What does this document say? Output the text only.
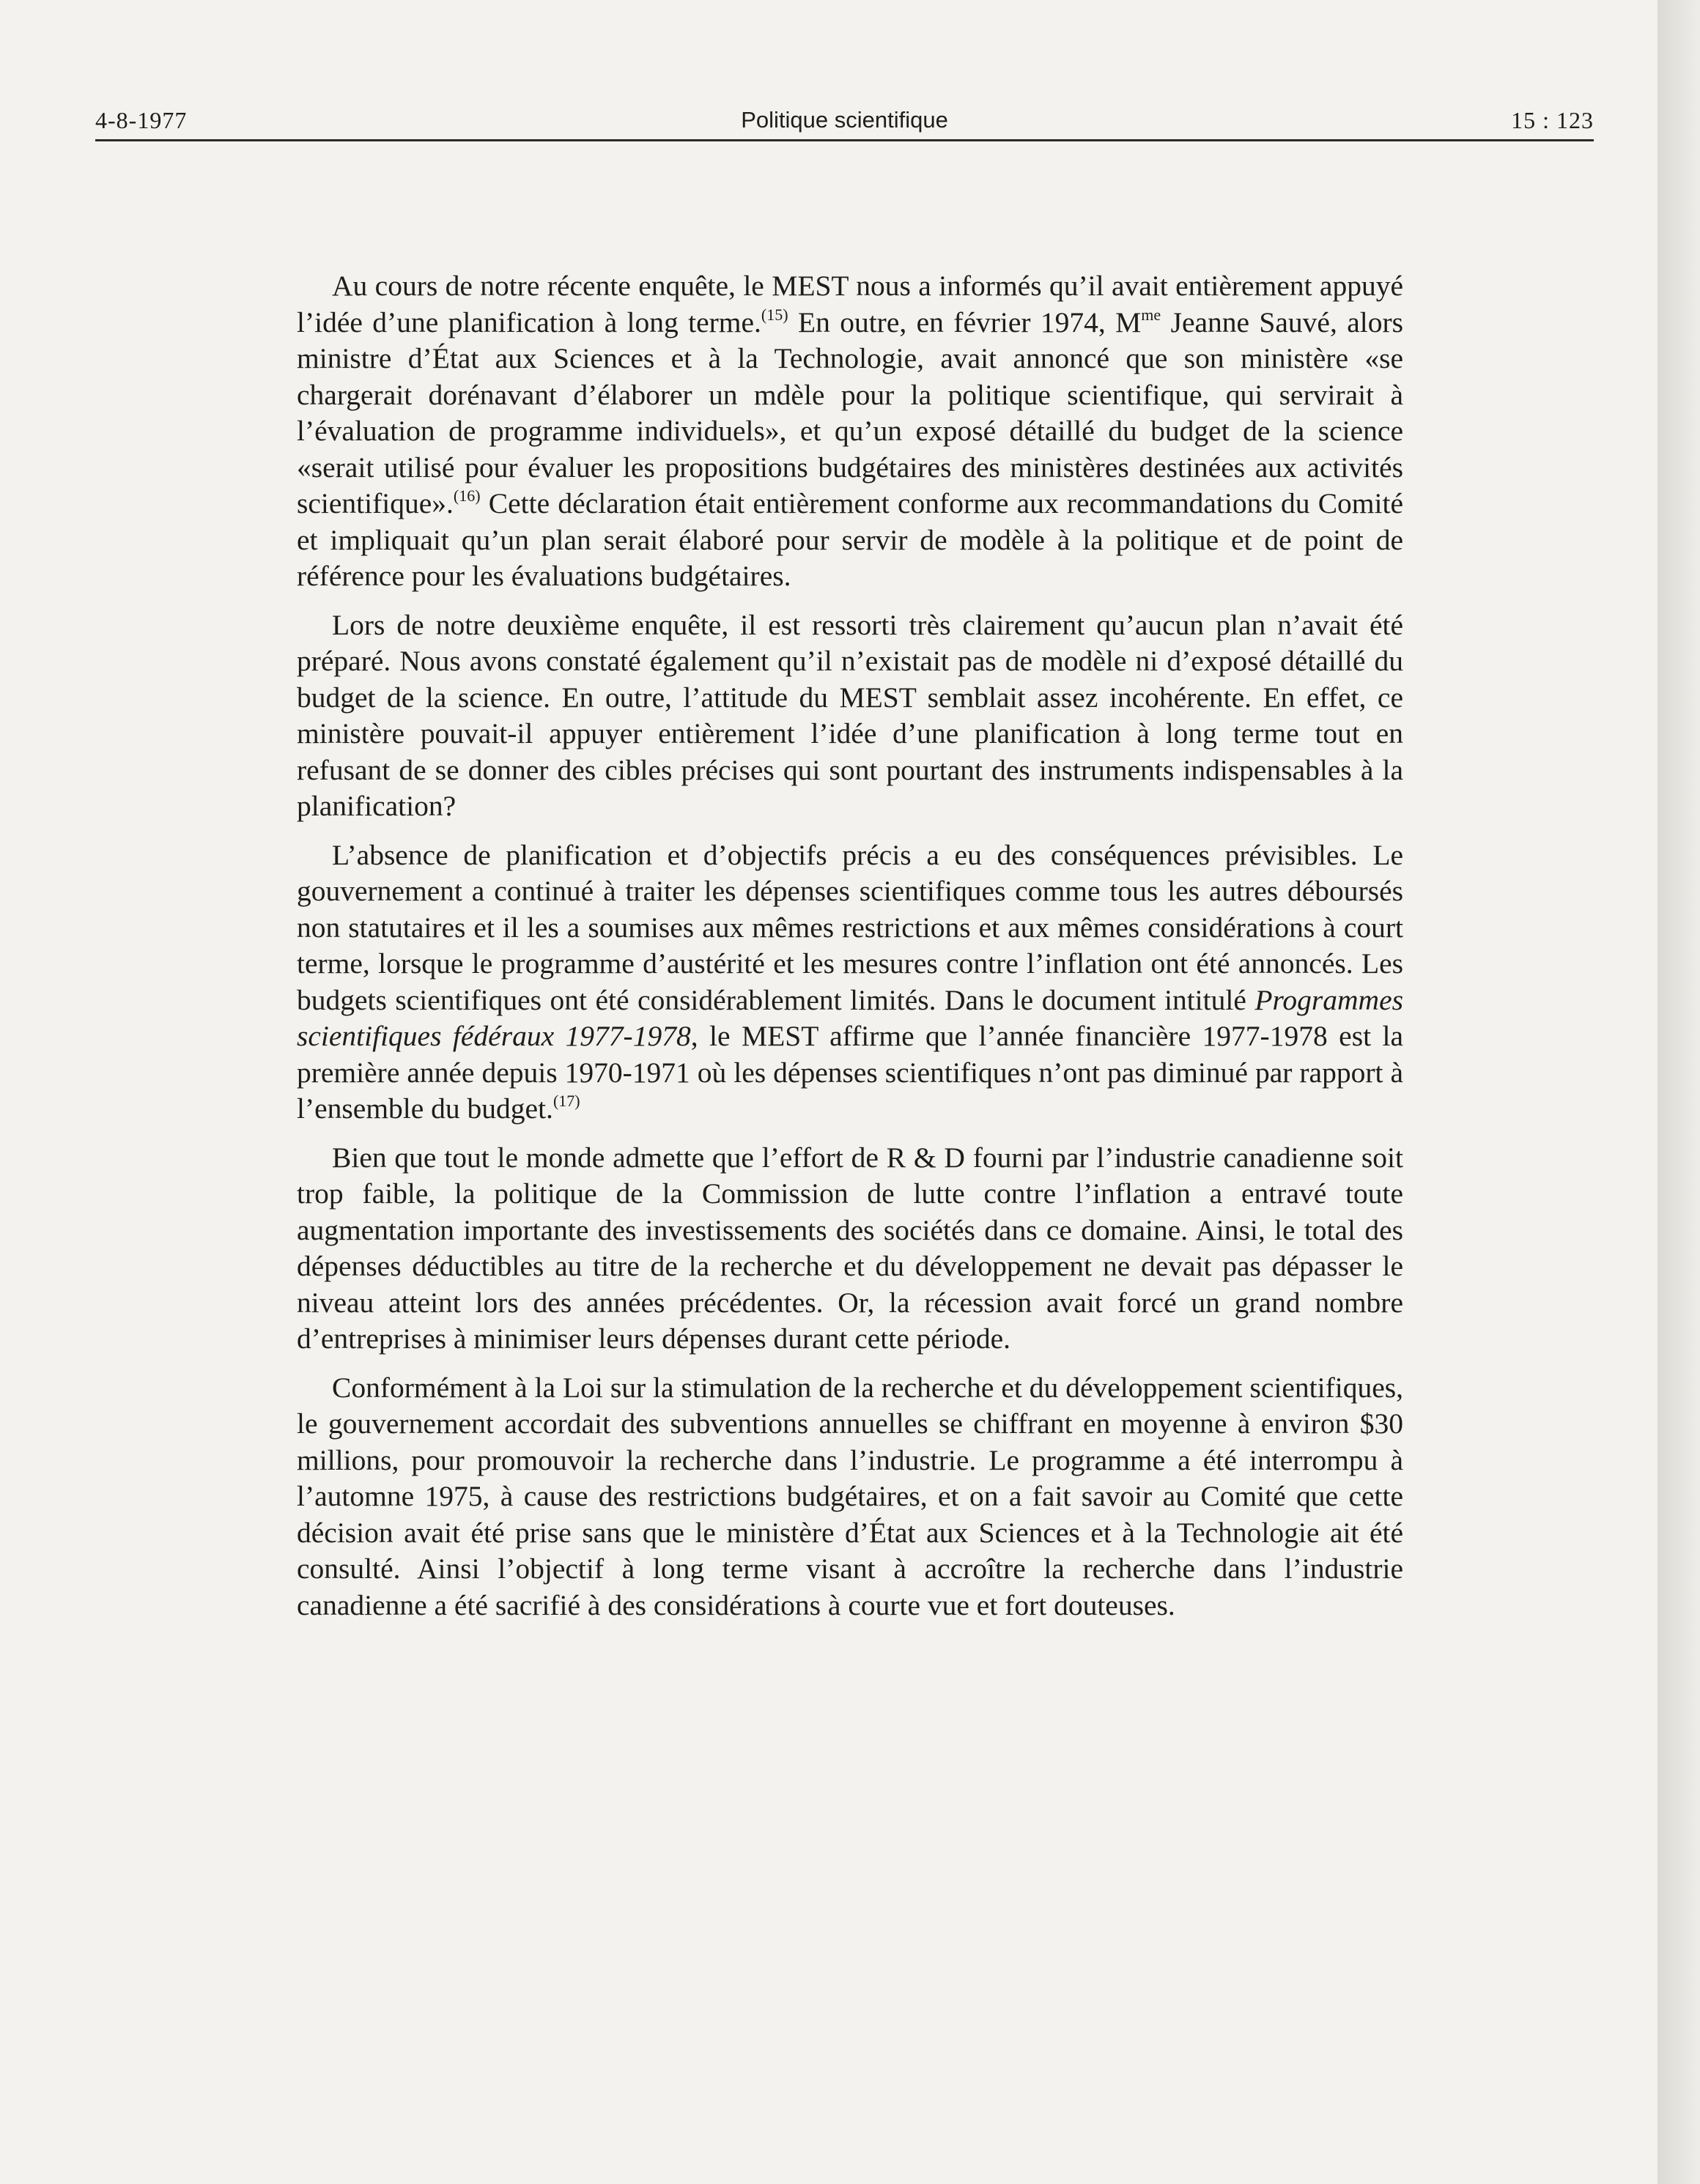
4-8-1977	Politique scientifique	15 : 123

Au cours de notre récente enquête, le MEST nous a informés qu’il avait entièrement appuyé l’idée d’une planification à long terme.$^{(15)}$ En outre, en février 1974, $M^{me}$ Jeanne Sauvé, alors ministre d’État aux Sciences et à la Technologie, avait annoncé que son ministère «se chargerait dorénavant d’élaborer un mdèle pour la politique scientifique, qui servirait à l’évaluation de programme individuels», et qu’un exposé détaillé du budget de la science «serait utilisé pour évaluer les propositions budgétaires des ministères destinées aux activités scientifique».$^{(16)}$ Cette déclaration était entièrement conforme aux recommandations du Comité et impliquait qu’un plan serait élaboré pour servir de modèle à la politique et de point de référence pour les évaluations budgétaires.

Lors de notre deuxième enquête, il est ressorti très clairement qu’aucun plan n’avait été préparé. Nous avons constaté également qu’il n’existait pas de modèle ni d’exposé détaillé du budget de la science. En outre, l’attitude du MEST semblait assez incohérente. En effet, ce ministère pouvait-il appuyer entièrement l’idée d’une planification à long terme tout en refusant de se donner des cibles précises qui sont pourtant des instruments indispensables à la planification?

L’absence de planification et d’objectifs précis a eu des conséquences prévisibles. Le gouvernement a continué à traiter les dépenses scientifiques comme tous les autres déboursés non statutaires et il les a soumises aux mêmes restrictions et aux mêmes considérations à court terme, lorsque le programme d’austérité et les mesures contre l’inflation ont été annoncés. Les budgets scientifiques ont été considérablement limités. Dans le document intitulé Programmes scientifiques fédéraux 1977-1978, le MEST affirme que l’année financière 1977-1978 est la première année depuis 1970-1971 où les dépenses scientifiques n’ont pas diminué par rapport à l’ensemble du budget.$^{(17)}$

Bien que tout le monde admette que l’effort de R & D fourni par l’industrie canadienne soit trop faible, la politique de la Commission de lutte contre l’inflation a entravé toute augmentation importante des investissements des sociétés dans ce domaine. Ainsi, le total des dépenses déductibles au titre de la recherche et du développement ne devait pas dépasser le niveau atteint lors des années précédentes. Or, la récession avait forcé un grand nombre d’entreprises à minimiser leurs dépenses durant cette période.

Conformément à la Loi sur la stimulation de la recherche et du développement scientifiques, le gouvernement accordait des subventions annuelles se chiffrant en moyenne à environ $30 millions, pour promouvoir la recherche dans l’industrie. Le programme a été interrompu à l’automne 1975, à cause des restrictions budgétaires, et on a fait savoir au Comité que cette décision avait été prise sans que le ministère d’État aux Sciences et à la Technologie ait été consulté. Ainsi l’objectif à long terme visant à accroître la recherche dans l’industrie canadienne a été sacrifié à des considérations à courte vue et fort douteuses.
